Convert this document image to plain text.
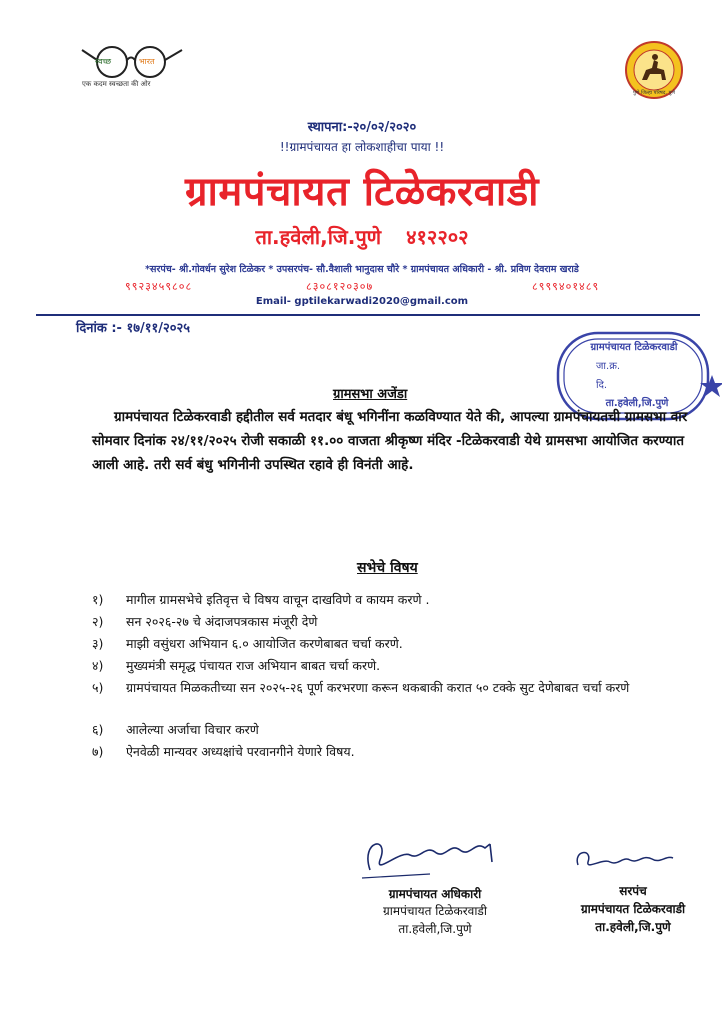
स्वच्छ	भारत
एक कदम स्वच्छता की ओर
पुणे जिल्हा परिषद, पुणे
स्थापना:-२०/०२/२०२०
!!ग्रामपंचायत हा लोकशाहीचा पाया !!
ग्रामपंचायत टिळेकरवाडी
ता.हवेली,जि.पुणे ४१२२०२
*सरपंच- श्री.गोवर्धन सुरेश टिळेकर * उपसरपंच- सौ.वैशाली भानुदास चौरे * ग्रामपंचायत अधिकारी - श्री. प्रविण देवराम खराडे
९९२३४५९८०८	८३०८१२०३०७	८९९९४०१४८९
Email- gptilekarwadi2020@gmail.com
दिनांक :- १७/११/२०२५
ग्रामपंचायत टिळेकरवाडी
जा.क्र.
दि.
ता.हवेली,जि.पुणे
ग्रामसभा अजेंडा
ग्रामपंचायत टिळेकरवाडी हद्दीतील सर्व मतदार बंधू भगिनींना कळविण्यात येते की, आपल्या ग्रामपंचायतची ग्रामसभा वार सोमवार दिनांक २४/११/२०२५ रोजी सकाळी ११.०० वाजता श्रीकृष्ण मंदिर -टिळेकरवाडी येथे ग्रामसभा आयोजित करण्यात आली आहे. तरी सर्व बंधु भगिनीनी उपस्थित रहावे ही विनंती आहे.
सभेचे विषय
१) मागील ग्रामसभेचे इतिवृत्त चे विषय वाचून दाखविणे व कायम करणे .
२) सन २०२६-२७ चे अंदाजपत्रकास मंजूरी देणे
३) माझी वसुंधरा अभियान ६.० आयोजित करणेबाबत चर्चा करणे.
४) मुख्यमंत्री समृद्ध पंचायत राज अभियान बाबत चर्चा करणे.
५)	ग्रामपंचायत मिळकतीच्या सन २०२५-२६ पूर्ण करभरणा करून थकबाकी करात ५० टक्के सुट देणेबाबत चर्चा करणे
६) आलेल्या अर्जाचा विचार करणे
७) ऐनवेळी मान्यवर अध्यक्षांचे परवानगीने येणारे विषय.
ग्रामपंचायत अधिकारी
ग्रामपंचायत टिळेकरवाडी
ता.हवेली,जि.पुणे
सरपंच
ग्रामपंचायत टिळेकरवाडी
ता.हवेली,जि.पुणे
